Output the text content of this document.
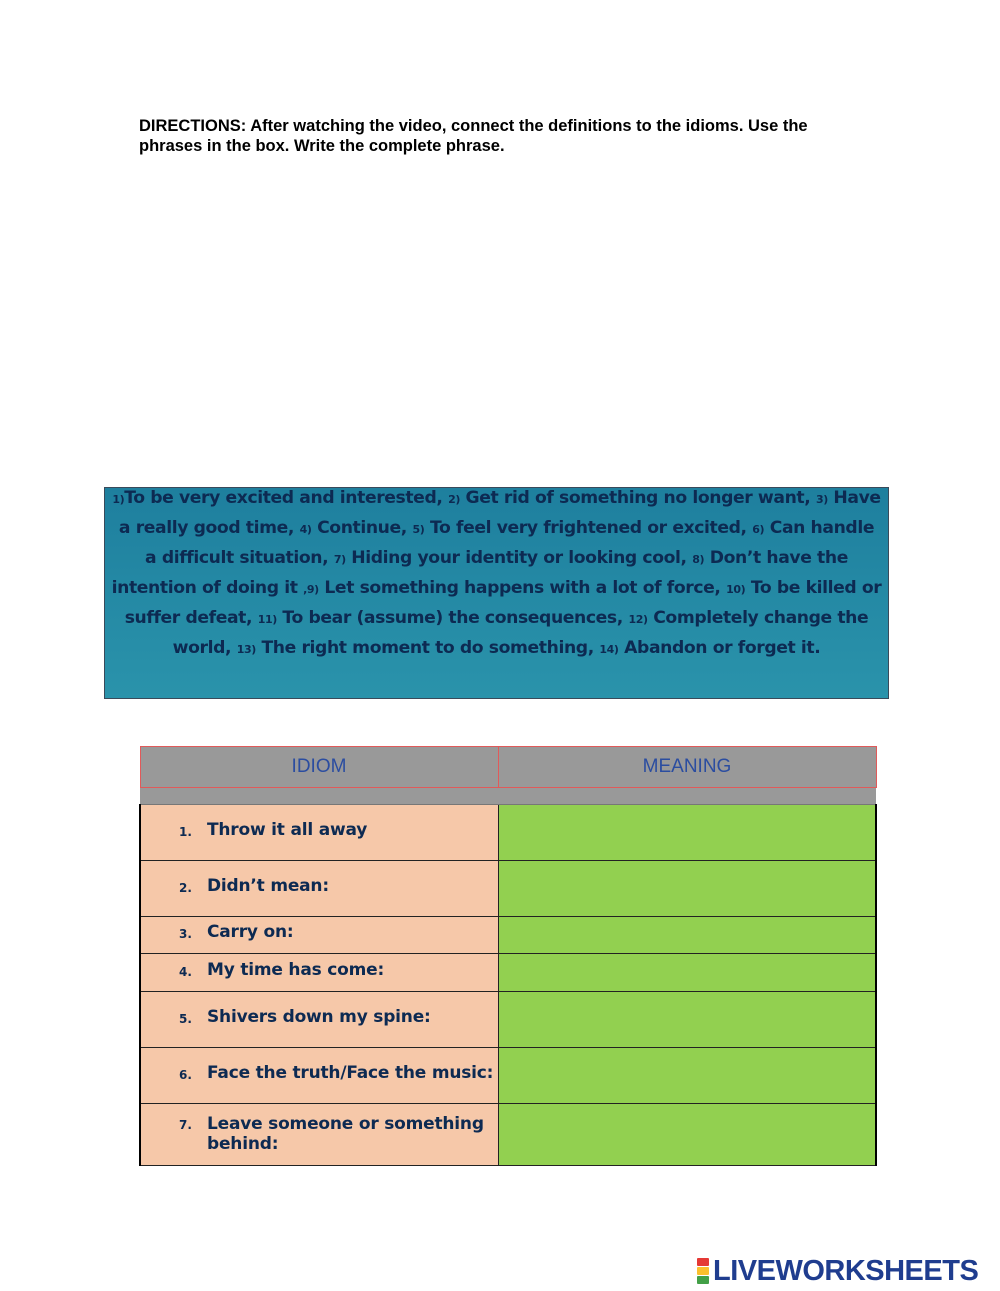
DIRECTIONS: After watching the video, connect the definitions to the idioms. Use the phrases in the box. Write the complete phrase.
1)To be very excited and interested, 2) Get rid of something no longer want, 3) Have a really good time, 4) Continue, 5) To feel very frightened or excited, 6) Can handle a difficult situation, 7) Hiding your identity or looking cool, 8) Don’t have the intention of doing it ,9) Let something happens with a lot of force, 10) To be killed or suffer defeat, 11) To bear (assume) the consequences, 12) Completely change the world, 13) The right moment to do something, 14) Abandon or forget it.
IDIOM	MEANING

1. Throw it all away

2. Didn’t mean:

3. Carry on:

4. My time has come:

5. Shivers down my spine:

6. Face the truth/Face the music:

7. Leave someone or something behind:

LIVEWORKSHEETS
